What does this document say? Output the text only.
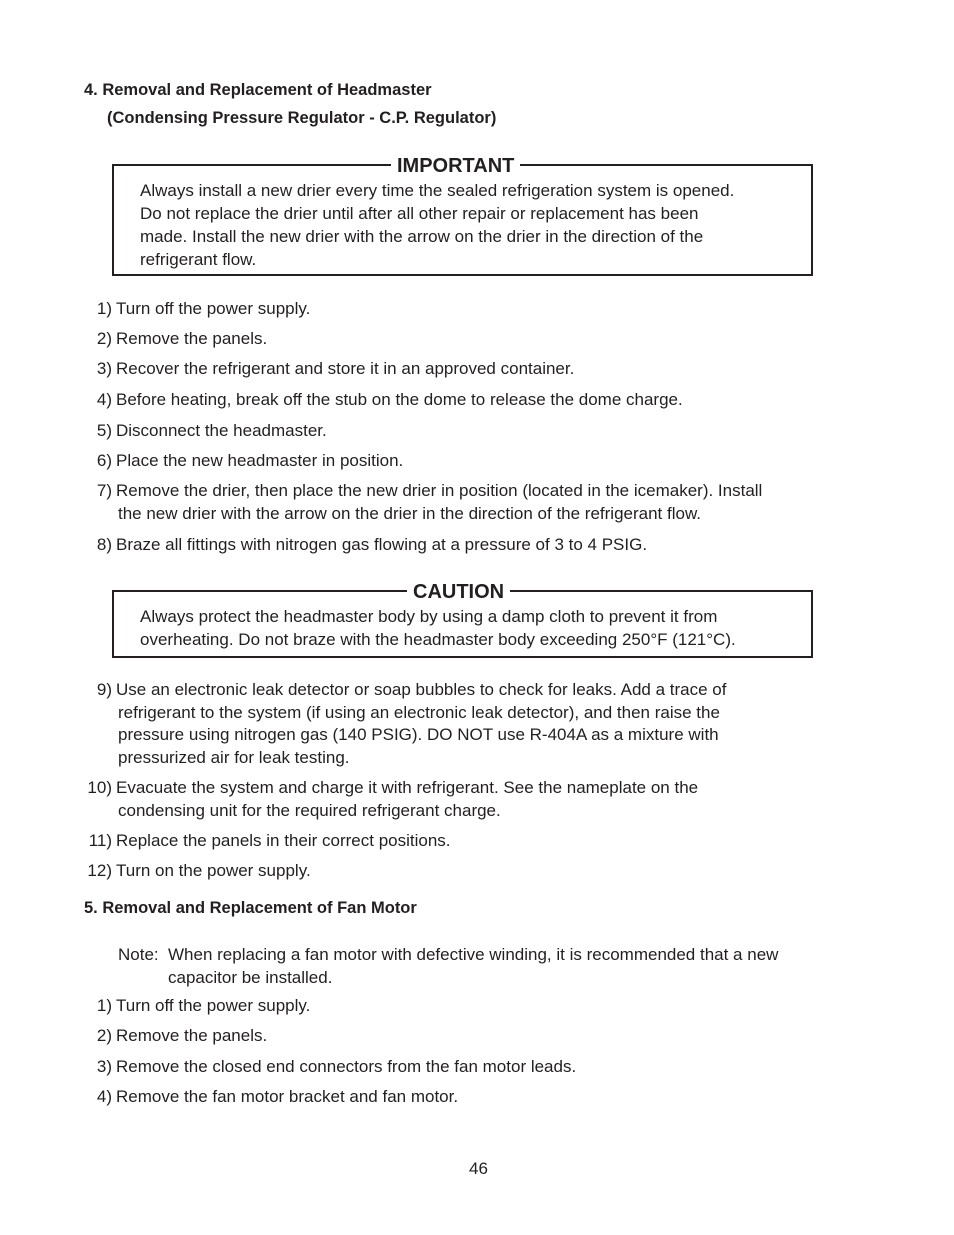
4. Removal and Replacement of Headmaster
(Condensing Pressure Regulator - C.P. Regulator)
IMPORTANT
Always install a new drier every time the sealed refrigeration system is opened.
Do not replace the drier until after all other repair or replacement has been
made. Install the new drier with the arrow on the drier in the direction of the
refrigerant flow.
1) Turn off the power supply.
2) Remove the panels.
3) Recover the refrigerant and store it in an approved container.
4) Before heating, break off the stub on the dome to release the dome charge.
5) Disconnect the headmaster.
6) Place the new headmaster in position.
7) Remove the drier, then place the new drier in position (located in the icemaker). Install
the new drier with the arrow on the drier in the direction of the refrigerant flow.
8) Braze all fittings with nitrogen gas flowing at a pressure of 3 to 4 PSIG.
CAUTION
Always protect the headmaster body by using a damp cloth to prevent it from
overheating. Do not braze with the headmaster body exceeding 250°F (121°C).
9) Use an electronic leak detector or soap bubbles to check for leaks. Add a trace of
refrigerant to the system (if using an electronic leak detector), and then raise the
pressure using nitrogen gas (140 PSIG). DO NOT use R-404A as a mixture with
pressurized air for leak testing.
10) Evacuate the system and charge it with refrigerant. See the nameplate on the
condensing unit for the required refrigerant charge.
11) Replace the panels in their correct positions.
12) Turn on the power supply.
5. Removal and Replacement of Fan Motor
Note: When replacing a fan motor with defective winding, it is recommended that a new
capacitor be installed.
1) Turn off the power supply.
2) Remove the panels.
3) Remove the closed end connectors from the fan motor leads.
4) Remove the fan motor bracket and fan motor.
46
